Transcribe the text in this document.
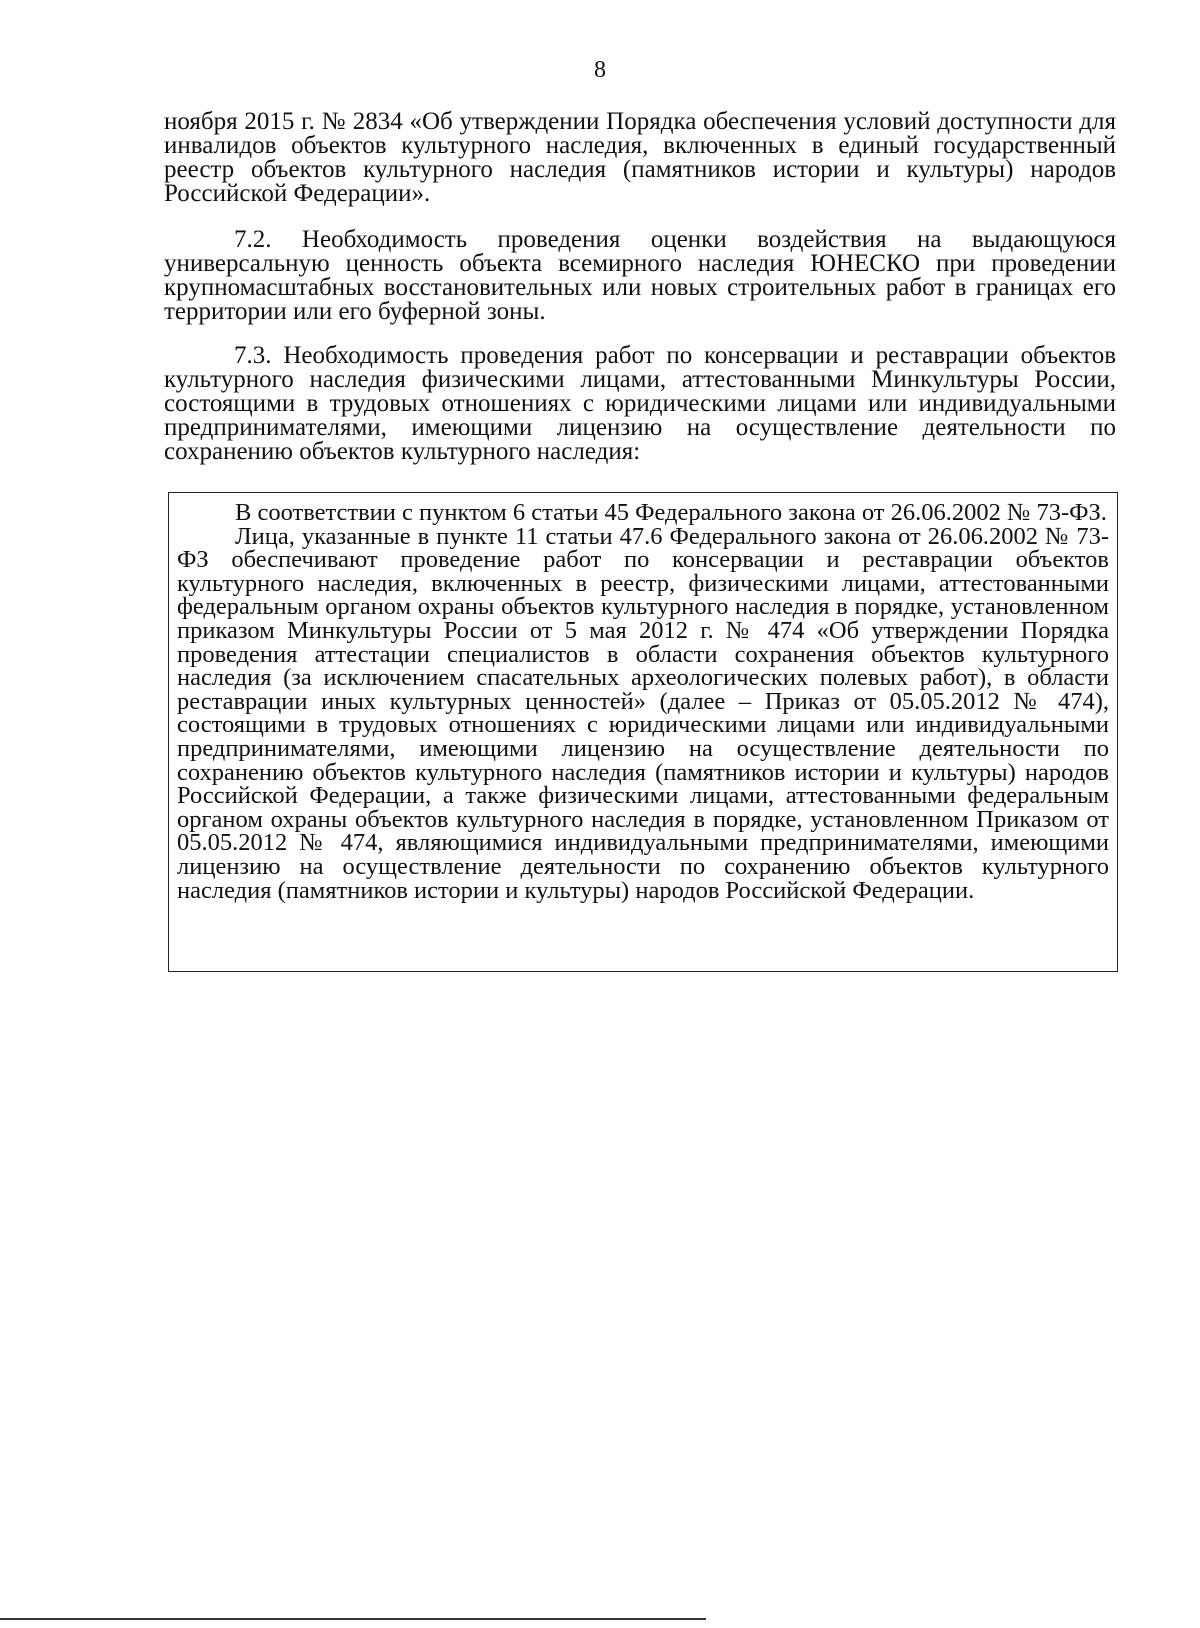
8

ноября 2015 г. № 2834 «Об утверждении Порядка обеспечения условий доступности для инвалидов объектов культурного наследия, включенных в единый государственный реестр объектов культурного наследия (памятников истории и культуры) народов Российской Федерации».

7.2. Необходимость проведения оценки воздействия на выдающуюся универсальную ценность объекта всемирного наследия ЮНЕСКО при проведении крупномасштабных восстановительных или новых строительных работ в границах его территории или его буферной зоны.

7.3. Необходимость проведения работ по консервации и реставрации объектов культурного наследия физическими лицами, аттестованными Минкультуры России, состоящими в трудовых отношениях с юридическими лицами или индивидуальными предпринимателями, имеющими лицензию на осуществление деятельности по сохранению объектов культурного наследия:

В соответствии с пунктом 6 статьи 45 Федерального закона от 26.06.2002 № 73-ФЗ.

Лица, указанные в пункте 11 статьи 47.6 Федерального закона от 26.06.2002 № 73-ФЗ обеспечивают проведение работ по консервации и реставрации объектов культурного наследия, включенных в реестр, физическими лицами, аттестованными федеральным органом охраны объектов культурного наследия в порядке, установленном приказом Минкультуры России от 5 мая 2012 г. № 474 «Об утверждении Порядка проведения аттестации специалистов в области сохранения объектов культурного наследия (за исключением спасательных археологических полевых работ), в области реставрации иных культурных ценностей» (далее – Приказ от 05.05.2012 № 474), состоящими в трудовых отношениях с юридическими лицами или индивидуальными предпринимателями, имеющими лицензию на осуществление деятельности по сохранению объектов культурного наследия (памятников истории и культуры) народов Российской Федерации, а также физическими лицами, аттестованными федеральным органом охраны объектов культурного наследия в порядке, установленном Приказом от 05.05.2012 № 474, являющимися индивидуальными предпринимателями, имеющими лицензию на осуществление деятельности по сохранению объектов культурного наследия (памятников истории и культуры) народов Российской Федерации.
